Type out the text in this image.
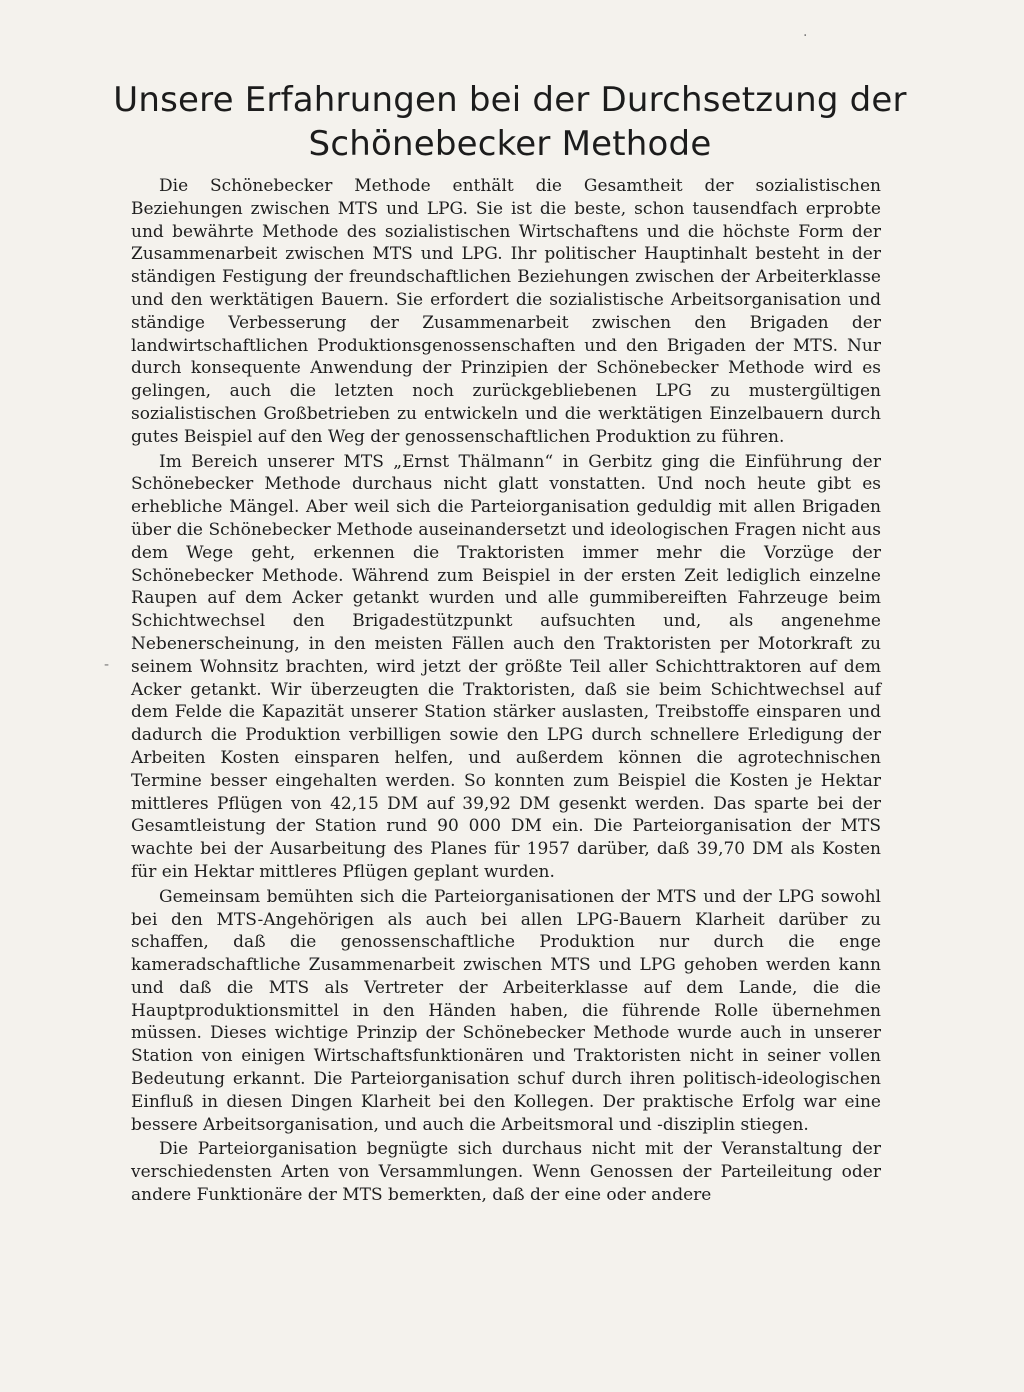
Unsere Erfahrungen bei der Durchsetzung der Schönebecker Methode

Die Schönebecker Methode enthält die Gesamtheit der sozialistischen Beziehungen zwischen MTS und LPG. Sie ist die beste, schon tausendfach erprobte und bewährte Methode des sozialistischen Wirtschaftens und die höchste Form der Zusammenarbeit zwischen MTS und LPG. Ihr politischer Hauptinhalt besteht in der ständigen Festigung der freundschaftlichen Beziehungen zwischen der Arbeiterklasse und den werktätigen Bauern. Sie erfordert die sozialistische Arbeitsorganisation und ständige Verbesserung der Zusammenarbeit zwischen den Brigaden der landwirtschaftlichen Produktionsgenossenschaften und den Brigaden der MTS. Nur durch konsequente Anwendung der Prinzipien der Schönebecker Methode wird es gelingen, auch die letzten noch zurückgebliebenen LPG zu mustergültigen sozialistischen Großbetrieben zu entwickeln und die werktätigen Einzelbauern durch gutes Beispiel auf den Weg der genossenschaftlichen Produktion zu führen.

Im Bereich unserer MTS „Ernst Thälmann“ in Gerbitz ging die Einführung der Schönebecker Methode durchaus nicht glatt vonstatten. Und noch heute gibt es erhebliche Mängel. Aber weil sich die Parteiorganisation geduldig mit allen Brigaden über die Schönebecker Methode auseinandersetzt und ideologischen Fragen nicht aus dem Wege geht, erkennen die Traktoristen immer mehr die Vorzüge der Schönebecker Methode. Während zum Beispiel in der ersten Zeit lediglich einzelne Raupen auf dem Acker getankt wurden und alle gummibereiften Fahrzeuge beim Schichtwechsel den Brigadestützpunkt aufsuchten und, als angenehme Nebenerscheinung, in den meisten Fällen auch den Traktoristen per Motorkraft zu seinem Wohnsitz brachten, wird jetzt der größte Teil aller Schichttraktoren auf dem Acker getankt. Wir überzeugten die Traktoristen, daß sie beim Schichtwechsel auf dem Felde die Kapazität unserer Station stärker auslasten, Treibstoffe einsparen und dadurch die Produktion verbilligen sowie den LPG durch schnellere Erledigung der Arbeiten Kosten einsparen helfen, und außerdem können die agrotechnischen Termine besser eingehalten werden. So konnten zum Beispiel die Kosten je Hektar mittleres Pflügen von 42,15 DM auf 39,92 DM gesenkt werden. Das sparte bei der Gesamtleistung der Station rund 90 000 DM ein. Die Parteiorganisation der MTS wachte bei der Ausarbeitung des Planes für 1957 darüber, daß 39,70 DM als Kosten für ein Hektar mittleres Pflügen geplant wurden.

Gemeinsam bemühten sich die Parteiorganisationen der MTS und der LPG sowohl bei den MTS-Angehörigen als auch bei allen LPG-Bauern Klarheit darüber zu schaffen, daß die genossenschaftliche Produktion nur durch die enge kameradschaftliche Zusammenarbeit zwischen MTS und LPG gehoben werden kann und daß die MTS als Vertreter der Arbeiterklasse auf dem Lande, die die Hauptproduktionsmittel in den Händen haben, die führende Rolle übernehmen müssen. Dieses wichtige Prinzip der Schönebecker Methode wurde auch in unserer Station von einigen Wirtschaftsfunktionären und Traktoristen nicht in seiner vollen Bedeutung erkannt. Die Parteiorganisation schuf durch ihren politisch-ideologischen Einfluß in diesen Dingen Klarheit bei den Kollegen. Der praktische Erfolg war eine bessere Arbeitsorganisation, und auch die Arbeitsmoral und -disziplin stiegen.

Die Parteiorganisation begnügte sich durchaus nicht mit der Veranstaltung der verschiedensten Arten von Versammlungen. Wenn Genossen der Parteileitung oder andere Funktionäre der MTS bemerkten, daß der eine oder andere

‑
·
